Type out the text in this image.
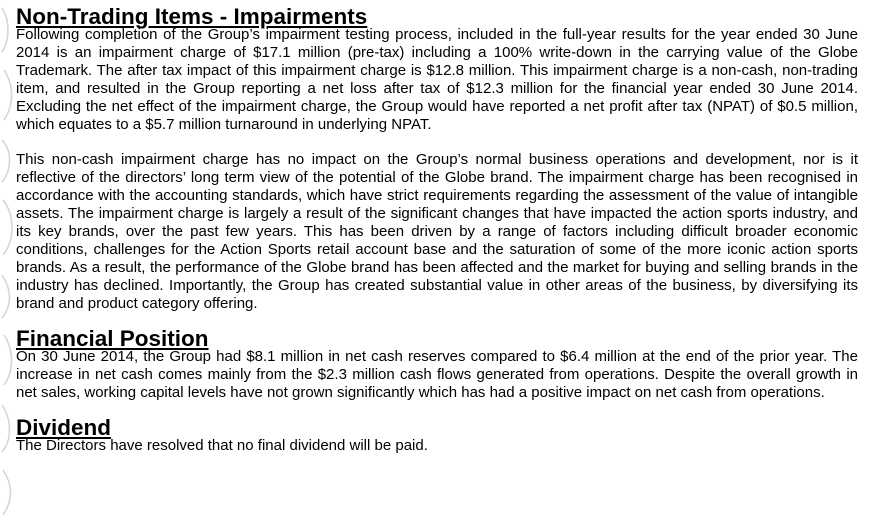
Non-Trading Items - Impairments

Following completion of the Group’s impairment testing process, included in the full-year results for the year ended 30 June 2014 is an impairment charge of $17.1 million (pre-tax) including a 100% write-down in the carrying value of the Globe Trademark. The after tax impact of this impairment charge is $12.8 million. This impairment charge is a non-cash, non-trading item, and resulted in the Group reporting a net loss after tax of $12.3 million for the financial year ended 30 June 2014. Excluding the net effect of the impairment charge, the Group would have reported a net profit after tax (NPAT) of $0.5 million, which equates to a $5.7 million turnaround in underlying NPAT.

This non-cash impairment charge has no impact on the Group’s normal business operations and development, nor is it reflective of the directors’ long term view of the potential of the Globe brand. The impairment charge has been recognised in accordance with the accounting standards, which have strict requirements regarding the assessment of the value of intangible assets. The impairment charge is largely a result of the significant changes that have impacted the action sports industry, and its key brands, over the past few years. This has been driven by a range of factors including difficult broader economic conditions, challenges for the Action Sports retail account base and the saturation of some of the more iconic action sports brands. As a result, the performance of the Globe brand has been affected and the market for buying and selling brands in the industry has declined. Importantly, the Group has created substantial value in other areas of the business, by diversifying its brand and product category offering.

Financial Position

On 30 June 2014, the Group had $8.1 million in net cash reserves compared to $6.4 million at the end of the prior year. The increase in net cash comes mainly from the $2.3 million cash flows generated from operations. Despite the overall growth in net sales, working capital levels have not grown significantly which has had a positive impact on net cash from operations.

Dividend

The Directors have resolved that no final dividend will be paid.
